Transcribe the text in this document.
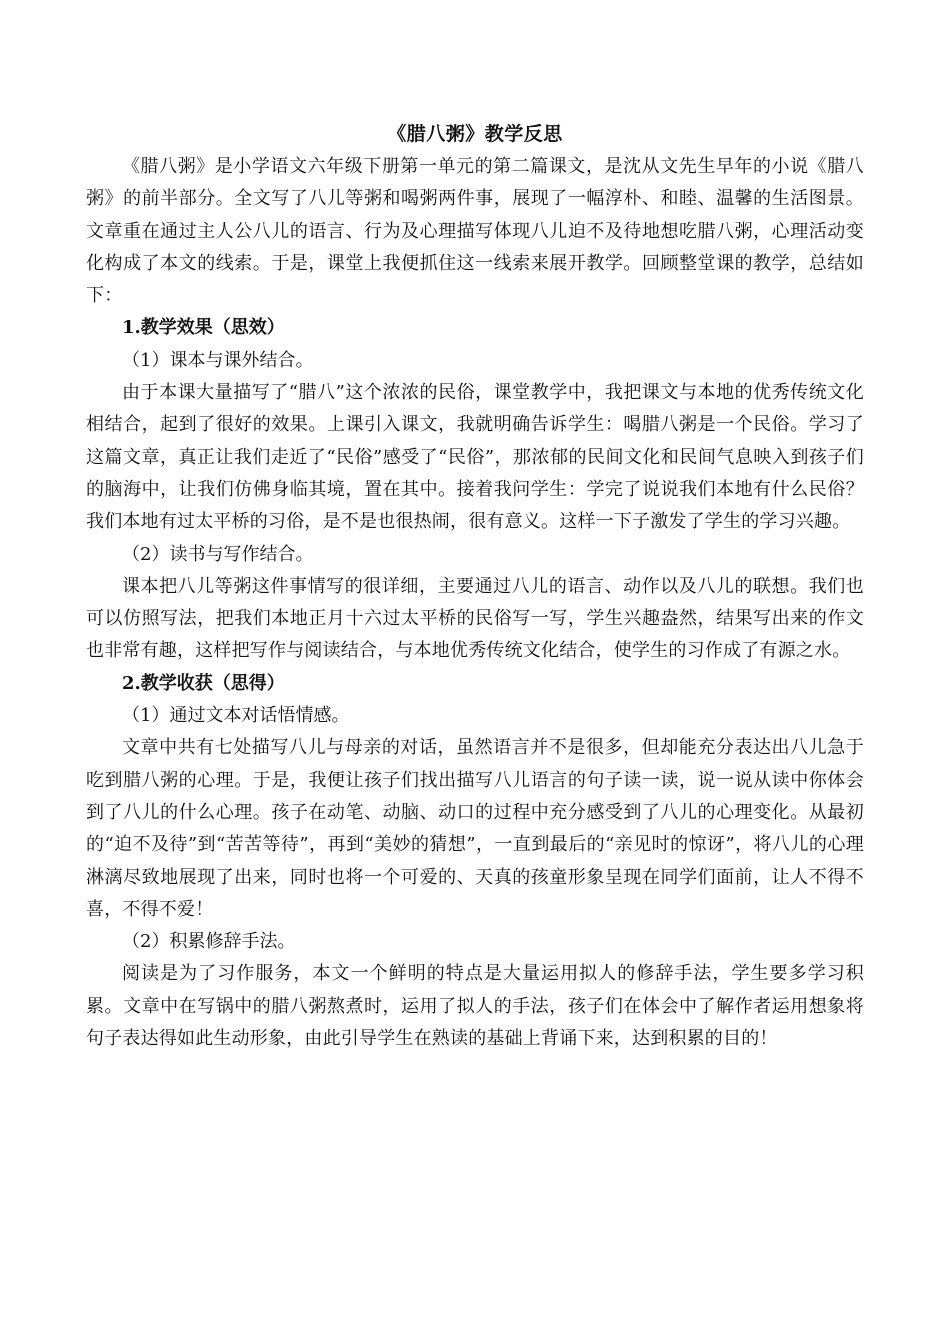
《腊八粥》教学反思

《腊八粥》是小学语文六年级下册第一单元的第二篇课文，是沈从文先生早年的小说《腊八粥》的前半部分。全文写了八儿等粥和喝粥两件事，展现了一幅淳朴、和睦、温馨的生活图景。文章重在通过主人公八儿的语言、行为及心理描写体现八儿迫不及待地想吃腊八粥，心理活动变化构成了本文的线索。于是，课堂上我便抓住这一线索来展开教学。回顾整堂课的教学，总结如下：

1.教学效果（思效）

（1）课本与课外结合。

由于本课大量描写了“腊八”这个浓浓的民俗，课堂教学中，我把课文与本地的优秀传统文化相结合，起到了很好的效果。上课引入课文，我就明确告诉学生：喝腊八粥是一个民俗。学习了这篇文章，真正让我们走近了“民俗”感受了“民俗”，那浓郁的民间文化和民间气息映入到孩子们的脑海中，让我们仿佛身临其境，置在其中。接着我问学生：学完了说说我们本地有什么民俗？我们本地有过太平桥的习俗，是不是也很热闹，很有意义。这样一下子激发了学生的学习兴趣。

（2）读书与写作结合。

课本把八儿等粥这件事情写的很详细，主要通过八儿的语言、动作以及八儿的联想。我们也可以仿照写法，把我们本地正月十六过太平桥的民俗写一写，学生兴趣盎然，结果写出来的作文也非常有趣，这样把写作与阅读结合，与本地优秀传统文化结合，使学生的习作成了有源之水。

2.教学收获（思得）

（1）通过文本对话悟情感。

文章中共有七处描写八儿与母亲的对话，虽然语言并不是很多，但却能充分表达出八儿急于吃到腊八粥的心理。于是，我便让孩子们找出描写八儿语言的句子读一读，说一说从读中你体会到了八儿的什么心理。孩子在动笔、动脑、动口的过程中充分感受到了八儿的心理变化。从最初的“迫不及待”到“苦苦等待”，再到“美妙的猜想”，一直到最后的“亲见时的惊讶”，将八儿的心理淋漓尽致地展现了出来，同时也将一个可爱的、天真的孩童形象呈现在同学们面前，让人不得不喜，不得不爱！

（2）积累修辞手法。

阅读是为了习作服务，本文一个鲜明的特点是大量运用拟人的修辞手法，学生要多学习积累。文章中在写锅中的腊八粥熬煮时，运用了拟人的手法，孩子们在体会中了解作者运用想象将句子表达得如此生动形象，由此引导学生在熟读的基础上背诵下来，达到积累的目的！
